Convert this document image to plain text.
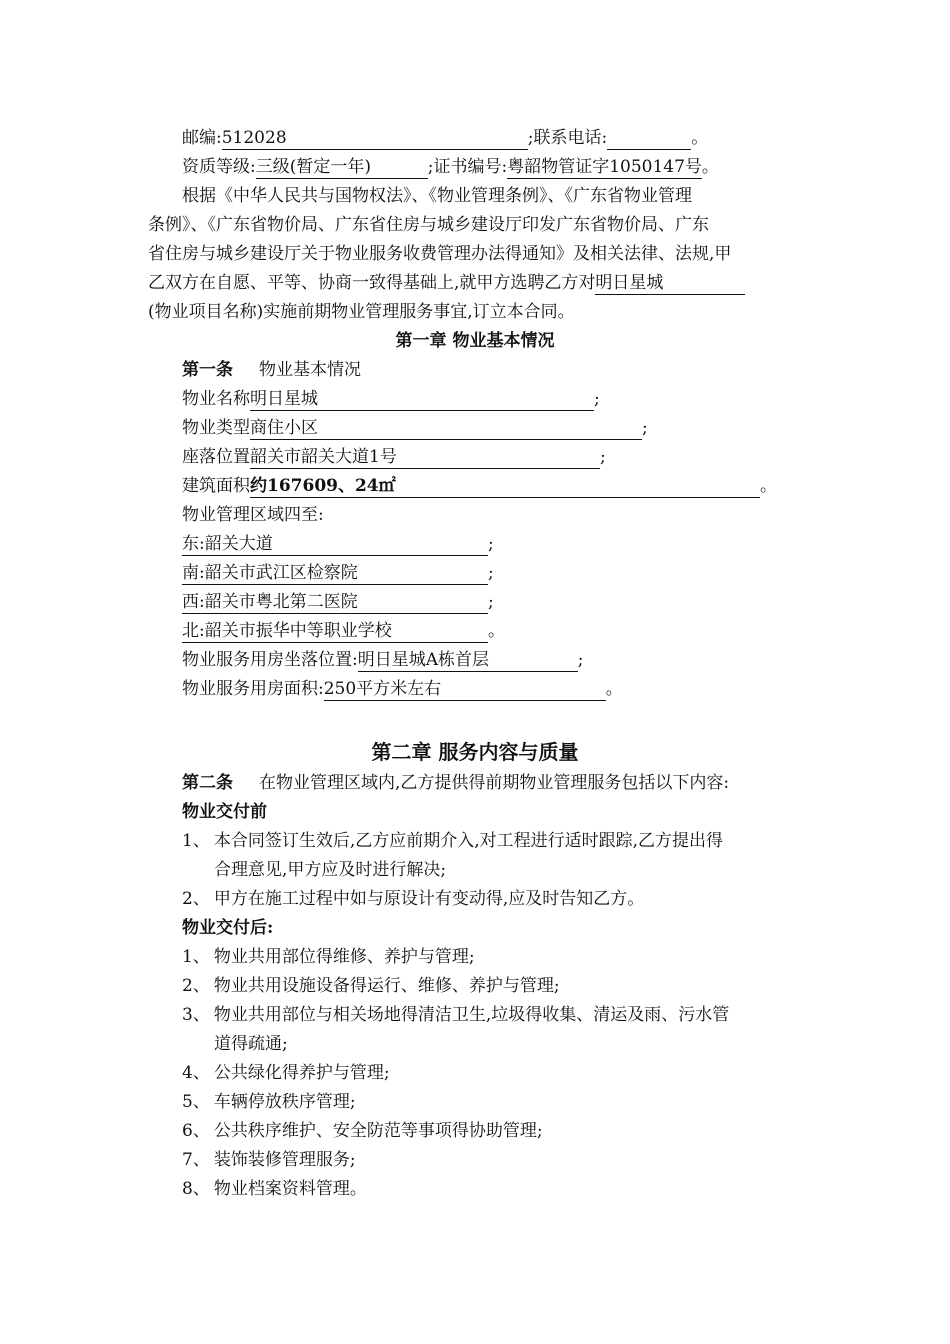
邮编:512028	;联系电话:	。
资质等级:三级(暂定一年)	;证书编号:粤韶物管证字1050147号。
根据《中华人民共与国物权法》、《物业管理条例》、《广东省物业管理
条例》、《广东省物价局、广东省住房与城乡建设厅印发广东省物价局、广东
省住房与城乡建设厅关于物业服务收费管理办法得通知》及相关法律、法规,甲
乙双方在自愿、平等、协商一致得基础上,就甲方选聘乙方对明日星城
(物业项目名称)实施前期物业管理服务事宜,订立本合同。
第一章 物业基本情况
第一条 物业基本情况
物业名称明日星城	;
物业类型商住小区	;
座落位置韶关市韶关大道1号	;
建筑面积约167609、24㎡	。
物业管理区域四至:
东:韶关大道	;
南:韶关市武江区检察院	;
西:韶关市粤北第二医院	;
北:韶关市振华中等职业学校	。
物业服务用房坐落位置:明日星城A栋首层	;
物业服务用房面积:250平方米左右	。
第二章 服务内容与质量
第二条 在物业管理区域内,乙方提供得前期物业管理服务包括以下内容:
物业交付前
1、 本合同签订生效后,乙方应前期介入,对工程进行适时跟踪,乙方提出得
合理意见,甲方应及时进行解决;
2、 甲方在施工过程中如与原设计有变动得,应及时告知乙方。
物业交付后:
1、 物业共用部位得维修、养护与管理;
2、 物业共用设施设备得运行、维修、养护与管理;
3、 物业共用部位与相关场地得清洁卫生,垃圾得收集、清运及雨、污水管
道得疏通;
4、 公共绿化得养护与管理;
5、 车辆停放秩序管理;
6、 公共秩序维护、安全防范等事项得协助管理;
7、 装饰装修管理服务;
8、 物业档案资料管理。
